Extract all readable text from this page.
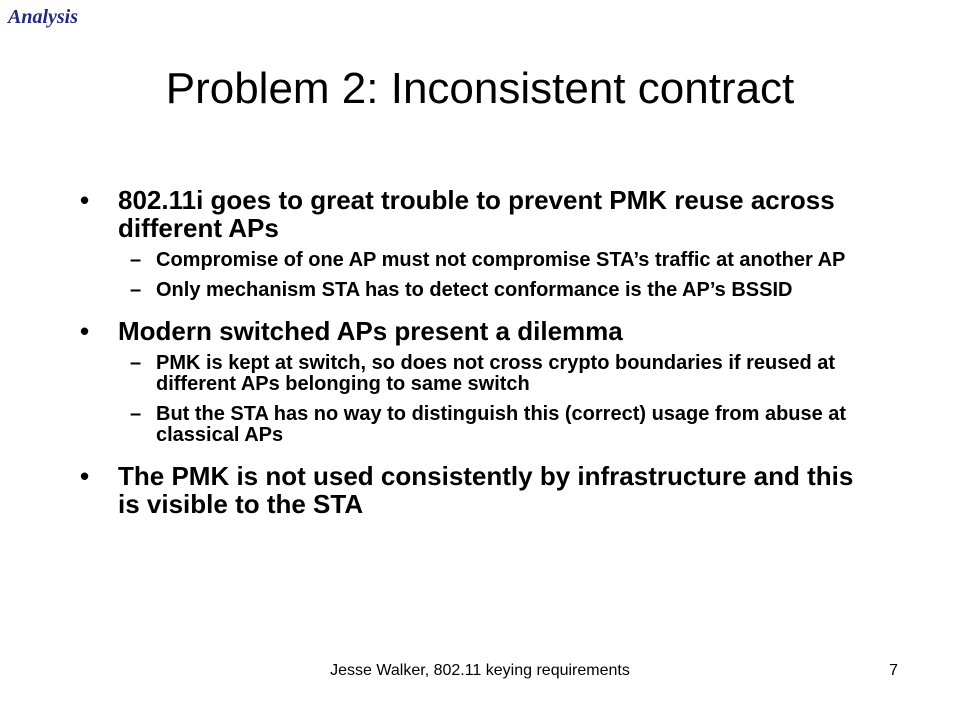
Analysis
Problem 2: Inconsistent contract
• 802.11i goes to great trouble to prevent PMK reuse across different APs
– Compromise of one AP must not compromise STA’s traffic at another AP
– Only mechanism STA has to detect conformance is the AP’s BSSID
• Modern switched APs present a dilemma
– PMK is kept at switch, so does not cross crypto boundaries if reused at different APs belonging to same switch
– But the STA has no way to distinguish this (correct) usage from abuse at classical APs
• The PMK is not used consistently by infrastructure and this is visible to the STA
Jesse Walker, 802.11 keying requirements	7
